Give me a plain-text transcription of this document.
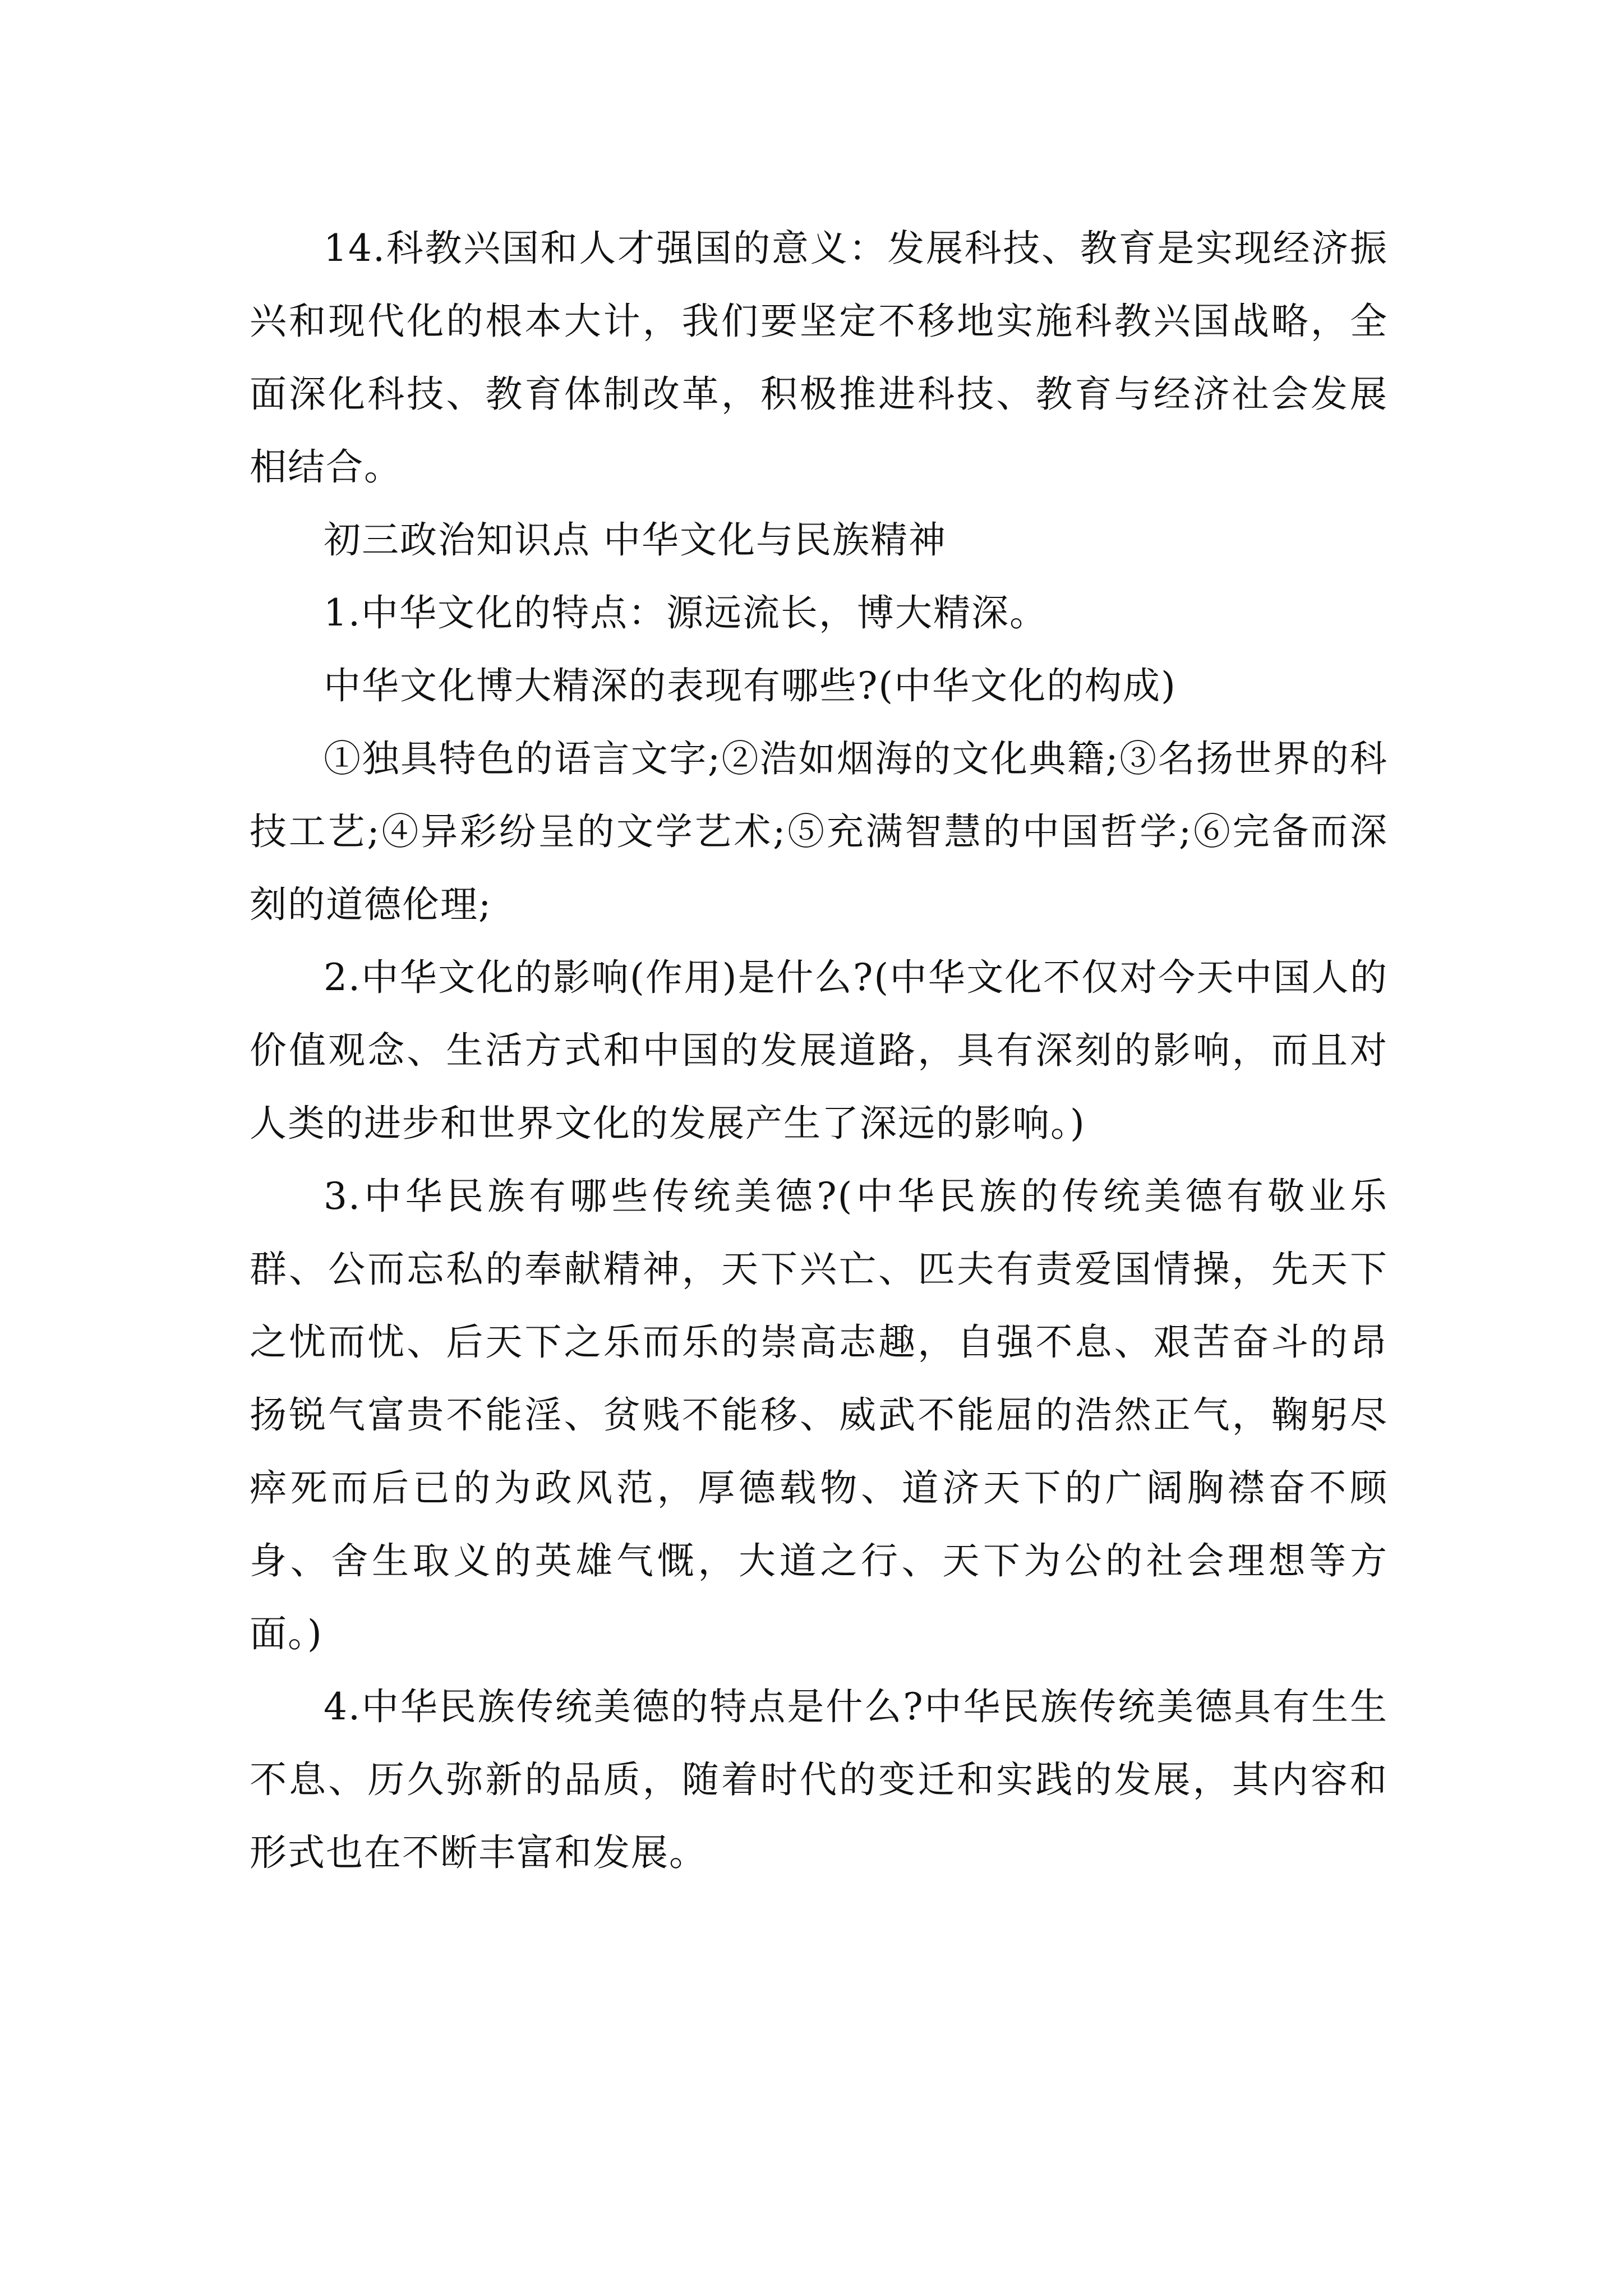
14.科教兴国和人才强国的意义：发展科技、教育是实现经济振兴和现代化的根本大计，我们要坚定不移地实施科教兴国战略，全面深化科技、教育体制改革，积极推进科技、教育与经济社会发展相结合。

初三政治知识点 中华文化与民族精神

1.中华文化的特点：源远流长，博大精深。

中华文化博大精深的表现有哪些?(中华文化的构成)

①独具特色的语言文字;②浩如烟海的文化典籍;③名扬世界的科技工艺;④异彩纷呈的文学艺术;⑤充满智慧的中国哲学;⑥完备而深刻的道德伦理;

2.中华文化的影响(作用)是什么?(中华文化不仅对今天中国人的价值观念、生活方式和中国的发展道路，具有深刻的影响，而且对人类的进步和世界文化的发展产生了深远的影响。)

3.中华民族有哪些传统美德?(中华民族的传统美德有敬业乐群、公而忘私的奉献精神，天下兴亡、匹夫有责爱国情操，先天下之忧而忧、后天下之乐而乐的崇高志趣，自强不息、艰苦奋斗的昂扬锐气富贵不能淫、贫贱不能移、威武不能屈的浩然正气，鞠躬尽瘁死而后已的为政风范，厚德载物、道济天下的广阔胸襟奋不顾身、舍生取义的英雄气慨，大道之行、天下为公的社会理想等方面。)

4.中华民族传统美德的特点是什么?中华民族传统美德具有生生不息、历久弥新的品质，随着时代的变迁和实践的发展，其内容和形式也在不断丰富和发展。
